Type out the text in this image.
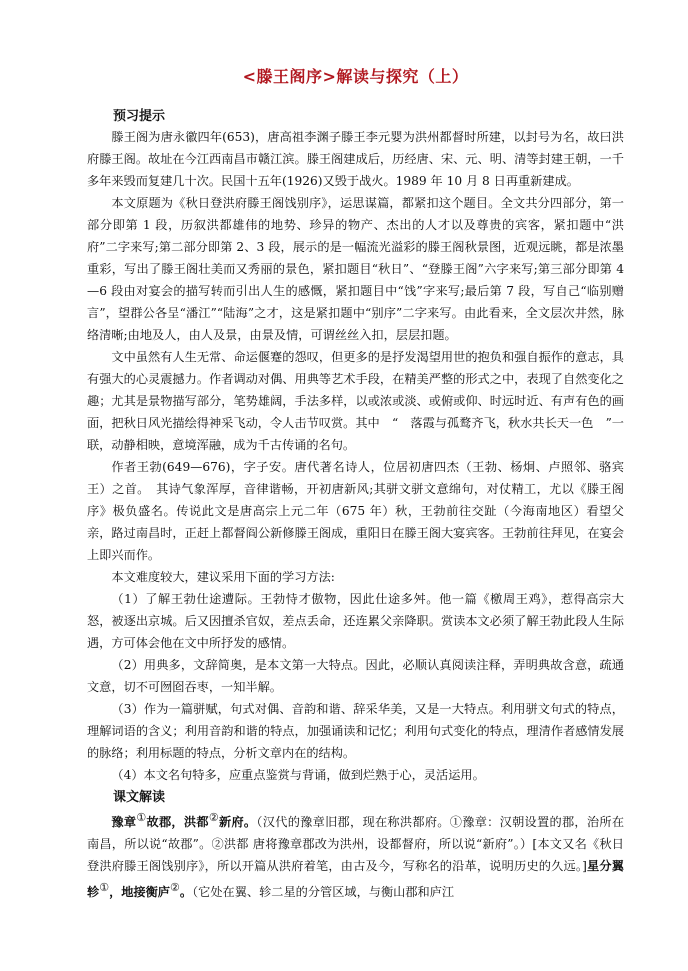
<滕王阁序>解读与探究（上）
预习提示

滕王阁为唐永徽四年(653)，唐高祖李渊子滕王李元婴为洪州都督时所建，以封号为名，故曰洪府滕王阁。故址在今江西南昌市赣江滨。滕王阁建成后，历经唐、宋、元、明、清等封建王朝，一千多年来毁而复建几十次。民国十五年(1926)又毁于战火。1989 年 10 月 8 日再重新建成。

本文原题为《秋日登洪府滕王阁饯别序》，运思谋篇，都紧扣这个题目。全文共分四部分，第一部分即第 1 段，历叙洪都雄伟的地势、珍异的物产、杰出的人才以及尊贵的宾客，紧扣题中“洪府”二字来写;第二部分即第 2、3 段，展示的是一幅流光溢彩的滕王阁秋景图，近观远眺，都是浓墨重彩，写出了滕王阁壮美而又秀丽的景色，紧扣题目“秋日”、“登滕王阁”六字来写;第三部分即第 4—6 段由对宴会的描写转而引出人生的感慨，紧扣题目中“饯”字来写;最后第 7 段，写自己“临别赠言”，望群公各呈“潘江”“陆海”之才，这是紧扣题中“别序”二字来写。由此看来，全文层次井然，脉络清晰;由地及人，由人及景，由景及情，可谓丝丝入扣，层层扣题。

文中虽然有人生无常、命运偃蹇的怨叹，但更多的是抒发渴望用世的抱负和强自振作的意志，具有强大的心灵震撼力。作者调动对偶、用典等艺术手段，在精美严整的形式之中，表现了自然变化之趣；尤其是景物描写部分，笔势雄阔，手法多样，以或浓或淡、或俯或仰、时远时近、有声有色的画面，把秋日风光描绘得神采飞动，令人击节叹赏。其中　“　落霞与孤鹜齐飞，秋水共长天一色　”一联，动静相映，意境浑融，成为千古传诵的名句。

作者王勃(649—676)，字子安。唐代著名诗人，位居初唐四杰（王勃、杨炯、卢照邻、骆宾王）之首。　其诗气象浑厚，音律谐畅，开初唐新风;其骈文骈文意绵句，对仗精工，尤以《滕王阁序》极负盛名。传说此文是唐高宗上元二年（675 年）秋，王勃前往交趾（今海南地区）看望父亲，路过南昌时，正赶上都督阎公新修滕王阁成，重阳日在滕王阁大宴宾客。王勃前往拜见，在宴会上即兴而作。

本文难度较大，建议采用下面的学习方法:

（1）了解王勃仕途遭际。王勃恃才傲物，因此仕途多舛。他一篇《檄周王鸡》，惹得高宗大怒，被逐出京城。后又因擅杀官奴，差点丢命，还连累父亲降职。赏读本文必须了解王勃此段人生际遇，方可体会他在文中所抒发的感情。

（2）用典多，文辞简奥，是本文第一大特点。因此，必顺认真阅读注释，弄明典故含意，疏通文意，切不可囫囵吞枣，一知半解。

（3）作为一篇骈赋，句式对偶、音韵和谐、辞采华美，又是一大特点。利用骈文句式的特点，理解词语的含义；利用音韵和谐的特点，加强诵读和记忆；利用句式变化的特点，理清作者感情发展的脉络；利用标题的特点，分析文章内在的结构。

（4）本文名句特多，应重点鉴赏与背诵，做到烂熟于心，灵活运用。

课文解读

豫章①故郡，洪都②新府。（汉代的豫章旧郡，现在称洪都府。①豫章：汉朝设置的郡，治所在南昌，所以说“故郡”。②洪都 唐将豫章郡改为洪州，设都督府，所以说“新府”。）[本文又名《秋日登洪府滕王阁饯别序》，所以开篇从洪府着笔，由古及今，写称名的沿革，说明历史的久远。]星分翼轸①，地接衡庐②。（它处在翼、轸二星的分管区域，与衡山郡和庐江
